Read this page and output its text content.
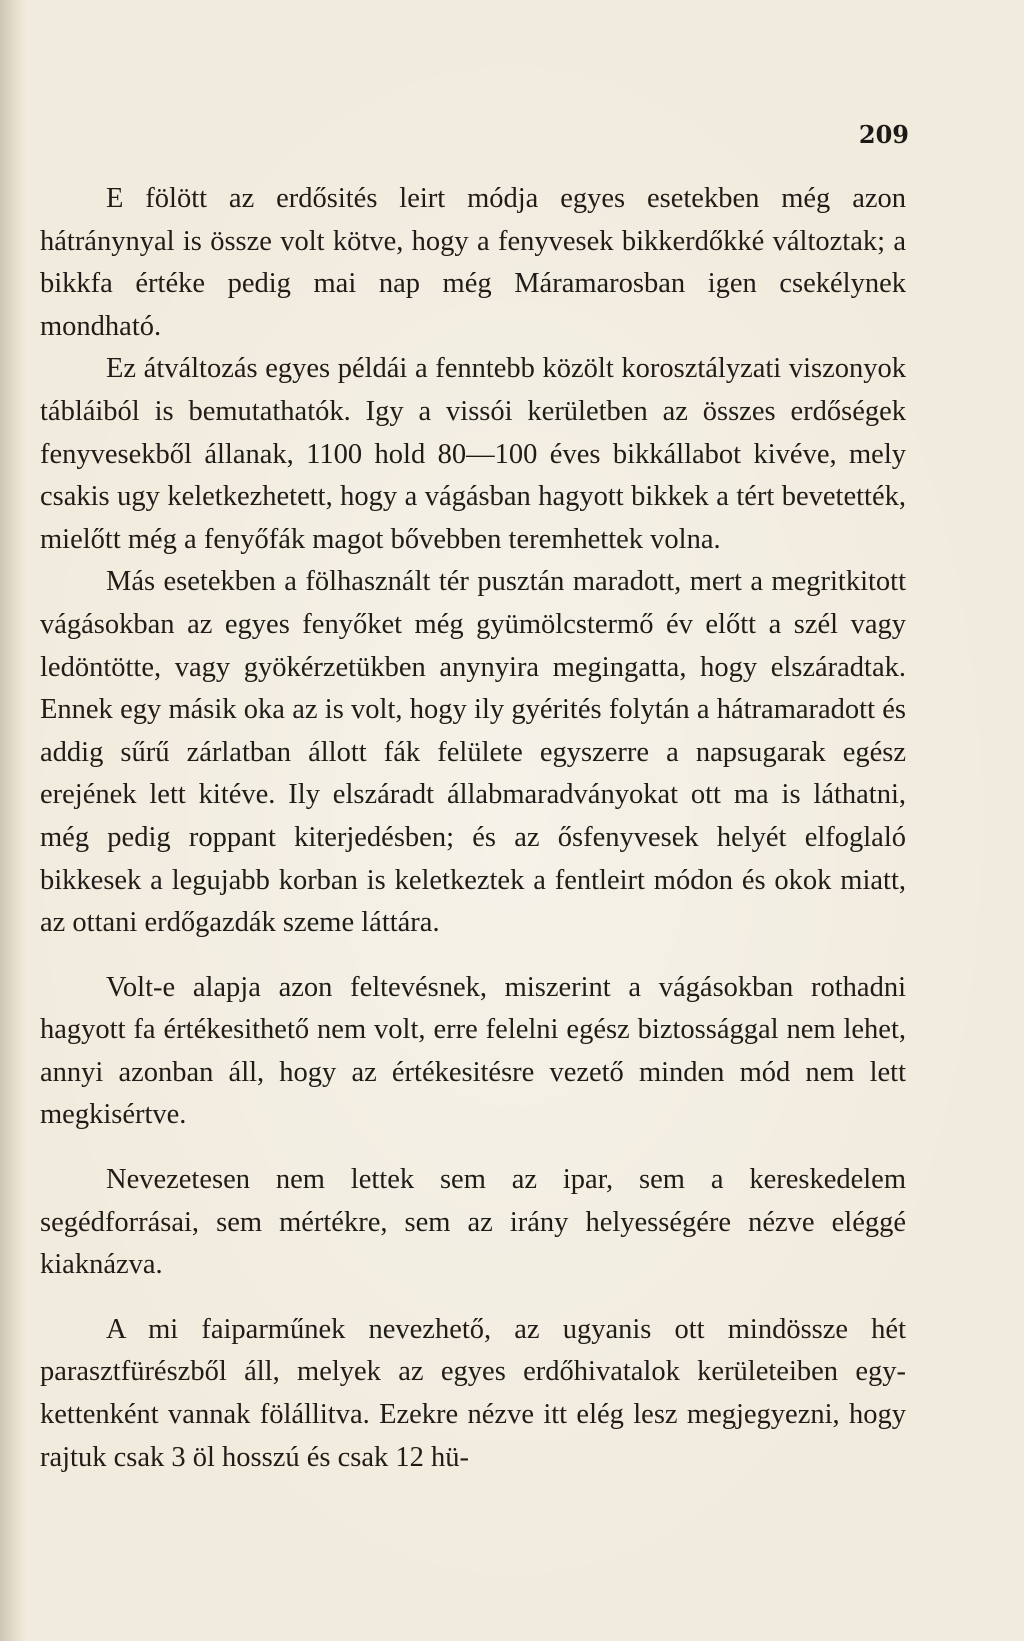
209

E fölött az erdősités leirt módja egyes esetekben még azon hátránynyal is össze volt kötve, hogy a fenyvesek bikkerdőkké változtak; a bikkfa értéke pedig mai nap még Máramarosban igen csekélynek mondható.

Ez átváltozás egyes példái a fenntebb közölt korosztályzati viszonyok tábláiból is bemutathatók. Igy a vissói kerületben az összes erdőségek fenyvesekből állanak, 1100 hold 80—100 éves bikkállabot kivéve, mely csakis ugy keletkezhetett, hogy a vágásban hagyott bikkek a tért bevetették, mielőtt még a fenyőfák magot bővebben teremhettek volna.

Más esetekben a fölhasznált tér pusztán maradott, mert a megritkitott vágásokban az egyes fenyőket még gyümölcstermő év előtt a szél vagy ledöntötte, vagy gyökérzetükben anynyira megingatta, hogy elszáradtak. Ennek egy másik oka az is volt, hogy ily gyérités folytán a hátramaradott és addig sűrű zárlatban állott fák felülete egyszerre a napsugarak egész erejének lett kitéve. Ily elszáradt állabmaradványokat ott ma is láthatni, még pedig roppant kiterjedésben; és az ősfenyvesek helyét elfoglaló bikkesek a legujabb korban is keletkeztek a fentleirt módon és okok miatt, az ottani erdőgazdák szeme láttára.

Volt-e alapja azon feltevésnek, miszerint a vágásokban rothadni hagyott fa értékesithető nem volt, erre felelni egész biztossággal nem lehet, annyi azonban áll, hogy az értékesitésre vezető minden mód nem lett megkisértve.

Nevezetesen nem lettek sem az ipar, sem a kereskedelem segédforrásai, sem mértékre, sem az irány helyességére nézve eléggé kiaknázva.

A mi faiparműnek nevezhető, az ugyanis ott mindössze hét parasztfürészből áll, melyek az egyes erdőhivatalok kerületeiben egy-kettenként vannak fölállitva. Ezekre nézve itt elég lesz megjegyezni, hogy rajtuk csak 3 öl hosszú és csak 12 hü-
